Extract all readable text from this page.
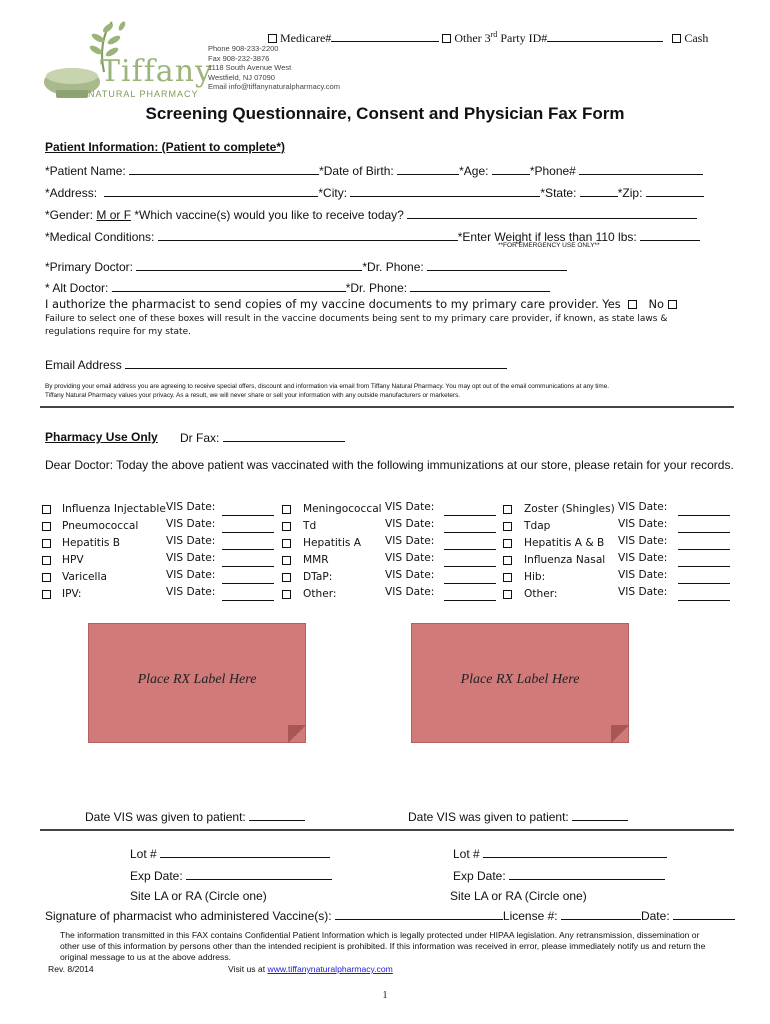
Tiffany
NATURAL PHARMACY
Phone 908-233-2200
Fax 908-232-3876
1118 South Avenue West
Westfield, NJ 07090
Email info@tiffanynaturalpharmacy.com
Medicare#	Other 3rd Party ID#	Cash
Screening Questionnaire, Consent and Physician Fax Form
Patient Information: (Patient to complete*)
*Patient Name:	*Date of Birth:	*Age:	*Phone#
*Address:	*City:	*State:	*Zip:
*Gender: M or F *Which vaccine(s) would you like to receive today?
*Medical Conditions:	*Enter Weight if less than 110 lbs:
**FOR EMERGENCY USE ONLY**
*Primary Doctor:	*Dr. Phone:
* Alt Doctor:	*Dr. Phone:
I authorize the pharmacist to send copies of my vaccine documents to my primary care provider. Yes No
Failure to select one of these boxes will result in the vaccine documents being sent to my primary care provider, if known, as state laws & regulations require for my state.
Email Address
By providing your email address you are agreeing to receive special offers, discount and information via email from Tiffany Natural Pharmacy. You may opt out of the email communications at any time.
Tiffany Natural Pharmacy values your privacy. As a result, we will never share or sell your information with any outside manufacturers or marketers.
Pharmacy Use Only Dr Fax:
Dear Doctor: Today the above patient was vaccinated with the following immunizations at our store, please retain for your records.
Influenza Injectable VIS Date:
Pneumococcal	VIS Date:
Hepatitis B	VIS Date:
HPV	VIS Date:
Varicella	VIS Date:
IPV:	VIS Date:
Meningococcal VIS Date:
Td	VIS Date:
Hepatitis A VIS Date:
MMR	VIS Date:
DTaP:	VIS Date:
Other:	VIS Date:
Zoster (Shingles) VIS Date:
Tdap	VIS Date:
Hepatitis A & B VIS Date:
Influenza Nasal VIS Date:
Hib:	VIS Date:
Other:	VIS Date:
Place RX Label Here	Place RX Label Here
Date VIS was given to patient:	Date VIS was given to patient:
Lot #	Lot #
Exp Date:	Exp Date:
Site LA or RA (Circle one)	Site LA or RA (Circle one)
Signature of pharmacist who administered Vaccine(s):	License #:	Date:
The information transmitted in this FAX contains Confidential Patient Information which is legally protected under HIPAA legislation. Any retransmission, dissemination or other use of this information by persons other than the intended recipient is prohibited. If this information was received in error, please immediately notify us and return the original message to us at the above address.
Rev. 8/2014	Visit us at www.tiffanynaturalpharmacy.com
1
